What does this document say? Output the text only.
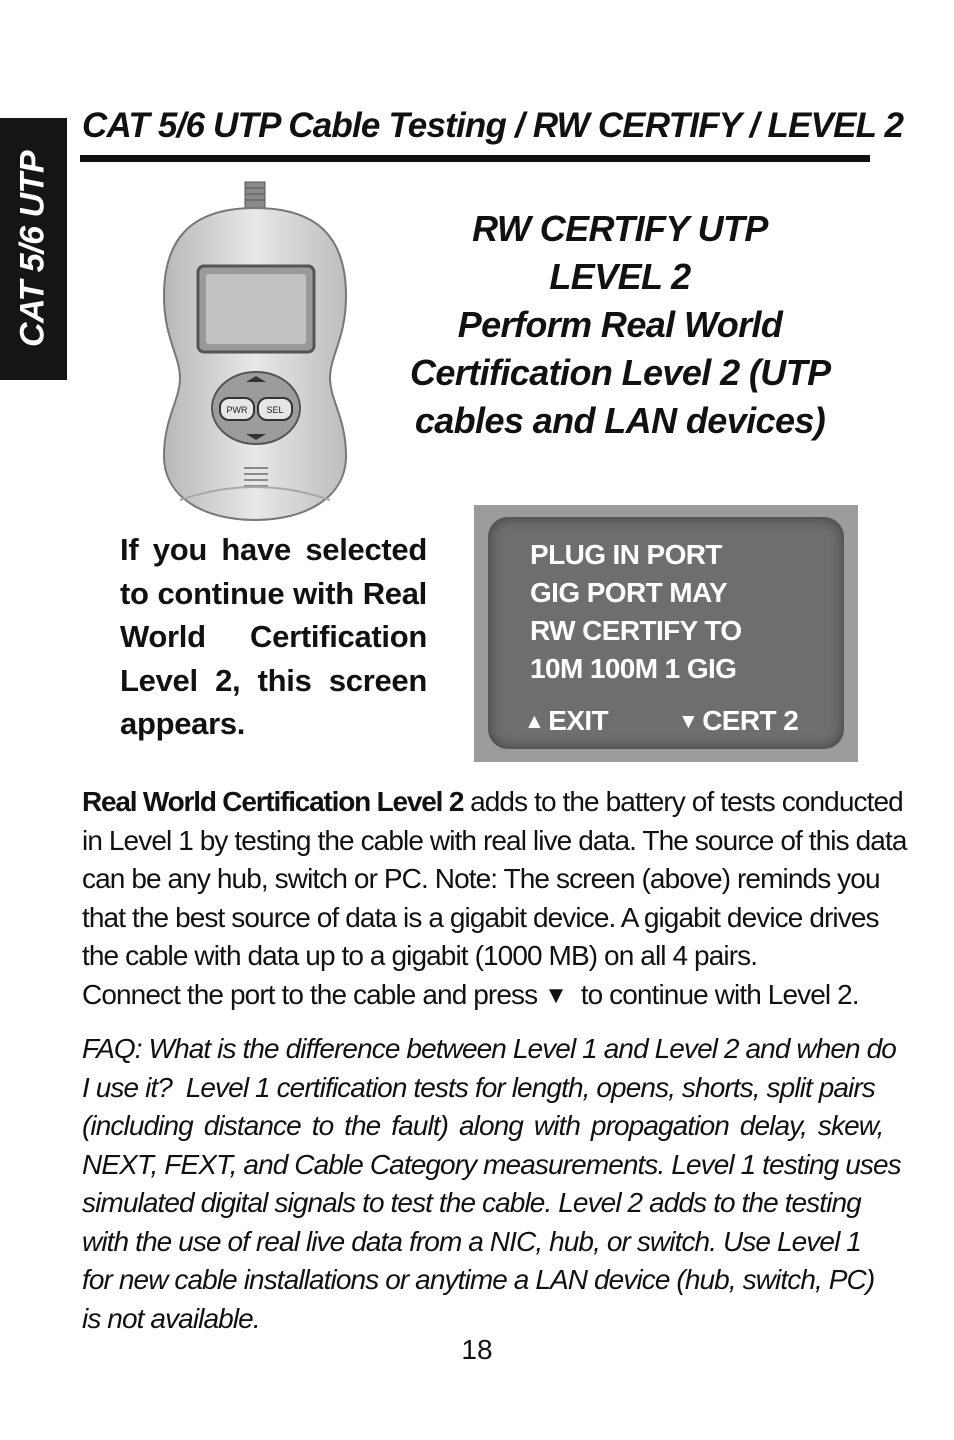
CAT 5/6 UTP
CAT 5/6 UTP Cable Testing / RW CERTIFY / LEVEL 2
PWR SEL
RW CERTIFY UTP
LEVEL 2
Perform Real World
Certification Level 2 (UTP
cables and LAN devices)
If you have selected to continue with Real World Certification Level 2, this screen appears.
PLUG IN PORT
GIG PORT MAY
RW CERTIFY TO
10M 100M 1 GIG
▲ EXIT	▼ CERT 2
Real World Certification Level 2 adds to the battery of tests conducted
in Level 1 by testing the cable with real live data. The source of this data
can be any hub, switch or PC. Note: The screen (above) reminds you
that the best source of data is a gigabit device. A gigabit device drives
the cable with data up to a gigabit (1000 MB) on all 4 pairs.
Connect the port to the cable and press ▼  to continue with Level 2.
FAQ: What is the difference between Level 1 and Level 2 and when do
I use it?  Level 1 certification tests for length, opens, shorts, split pairs
(including distance to the fault) along with propagation delay, skew,
NEXT, FEXT, and Cable Category measurements. Level 1 testing uses
simulated digital signals to test the cable. Level 2 adds to the testing
with the use of real live data from a NIC, hub, or switch. Use Level 1
for new cable installations or anytime a LAN device (hub, switch, PC)
is not available.
18
